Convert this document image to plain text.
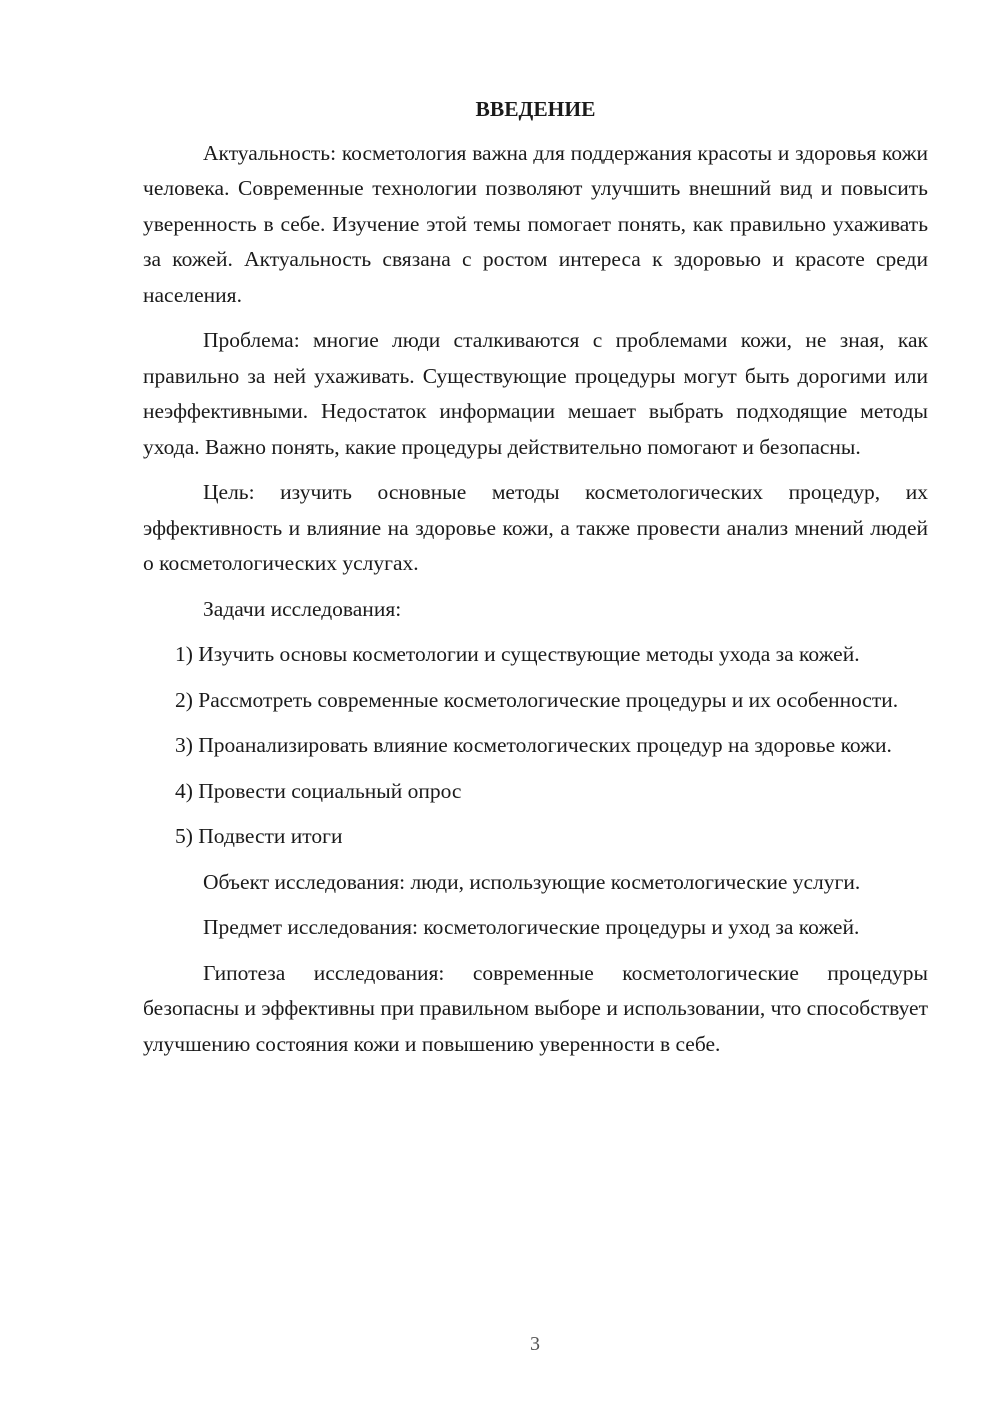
ВВЕДЕНИЕ

Актуальность: косметология важна для поддержания красоты и здоровья кожи человека. Современные технологии позволяют улучшить внешний вид и повысить уверенность в себе. Изучение этой темы помогает понять, как правильно ухаживать за кожей. Актуальность связана с ростом интереса к здоровью и красоте среди населения.

Проблема: многие люди сталкиваются с проблемами кожи, не зная, как правильно за ней ухаживать. Существующие процедуры могут быть дорогими или неэффективными. Недостаток информации мешает выбрать подходящие методы ухода. Важно понять, какие процедуры действительно помогают и безопасны.

Цель: изучить основные методы косметологических процедур, их эффективность и влияние на здоровье кожи, а также провести анализ мнений людей о косметологических услугах.

Задачи исследования:

1) Изучить основы косметологии и существующие методы ухода за кожей.

2) Рассмотреть современные косметологические процедуры и их особенности.

3) Проанализировать влияние косметологических процедур на здоровье кожи.

4) Провести социальный опрос

5) Подвести итоги

Объект исследования: люди, использующие косметологические услуги.

Предмет исследования: косметологические процедуры и уход за кожей.

Гипотеза исследования: современные косметологические процедуры безопасны и эффективны при правильном выборе и использовании, что способствует улучшению состояния кожи и повышению уверенности в себе.

3
